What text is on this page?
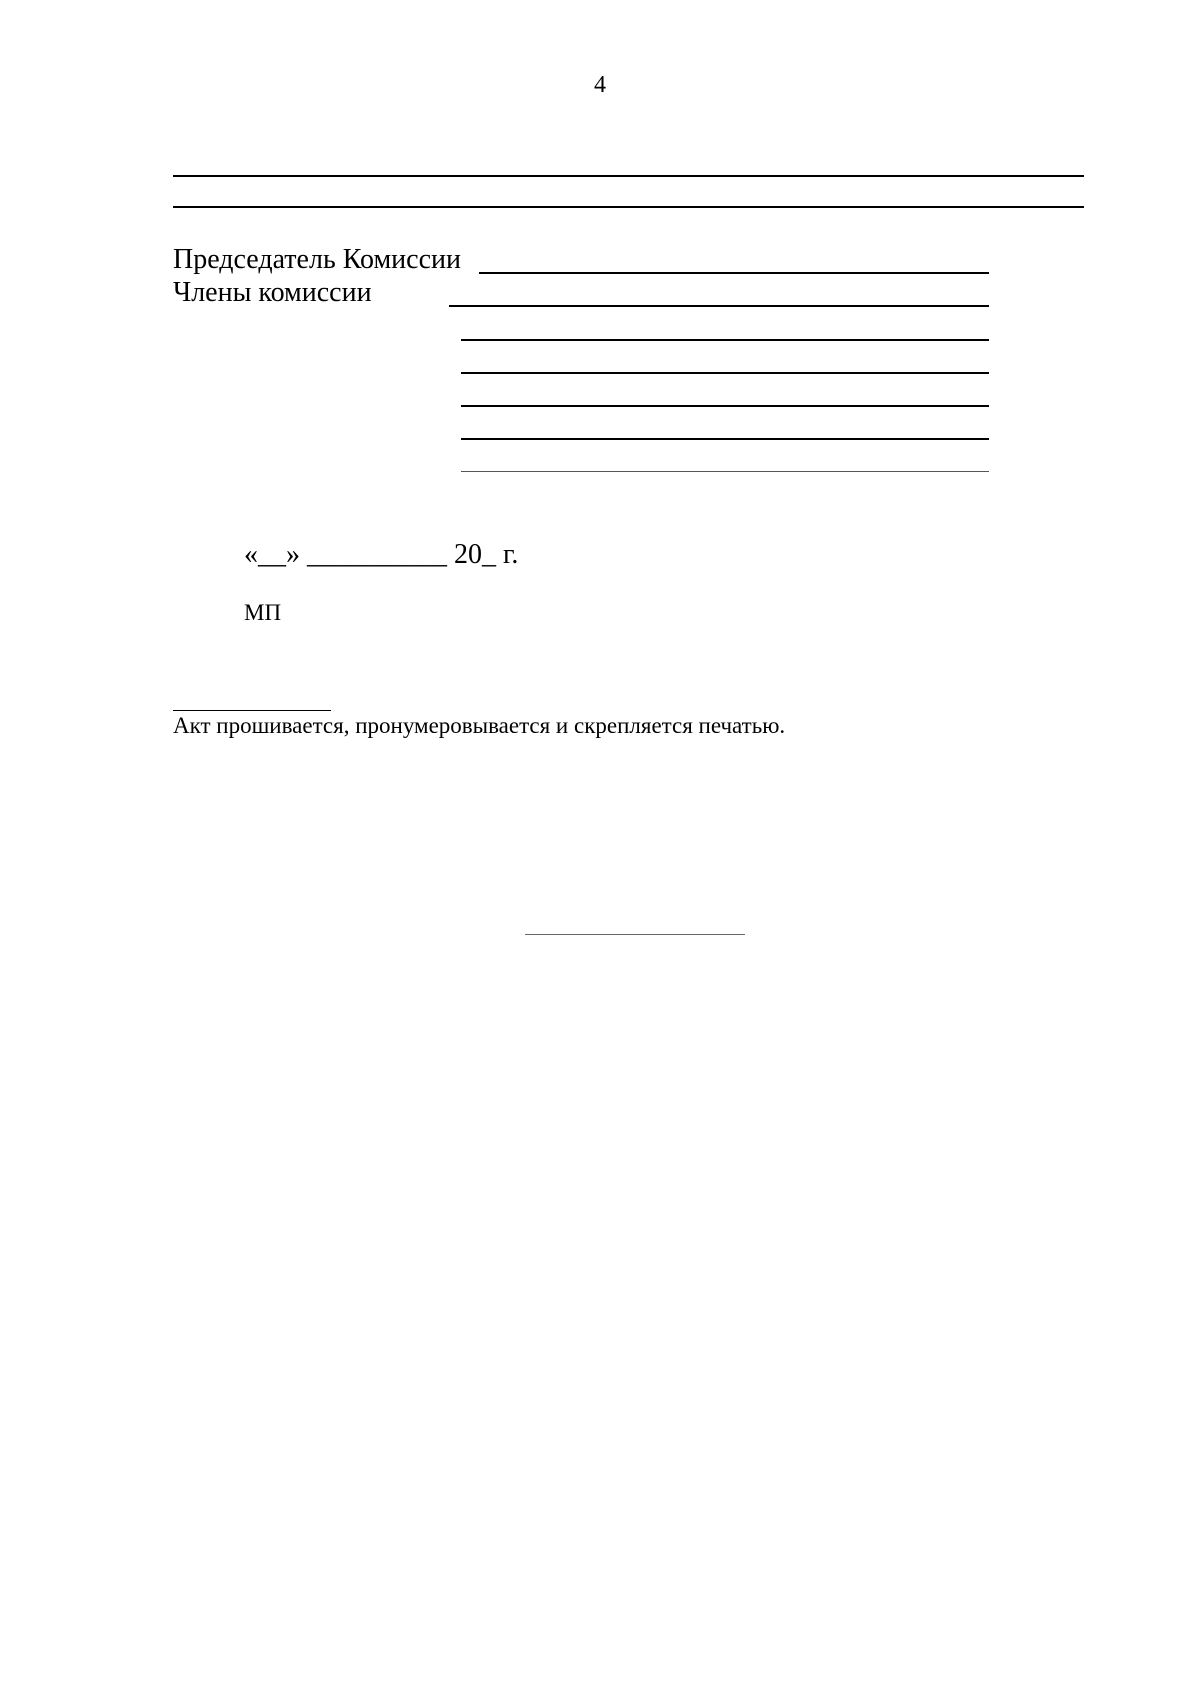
4
Председатель Комиссии
Члены комиссии
«__» __________ 20_ г.
МП
Акт прошивается, пронумеровывается и скрепляется печатью.
